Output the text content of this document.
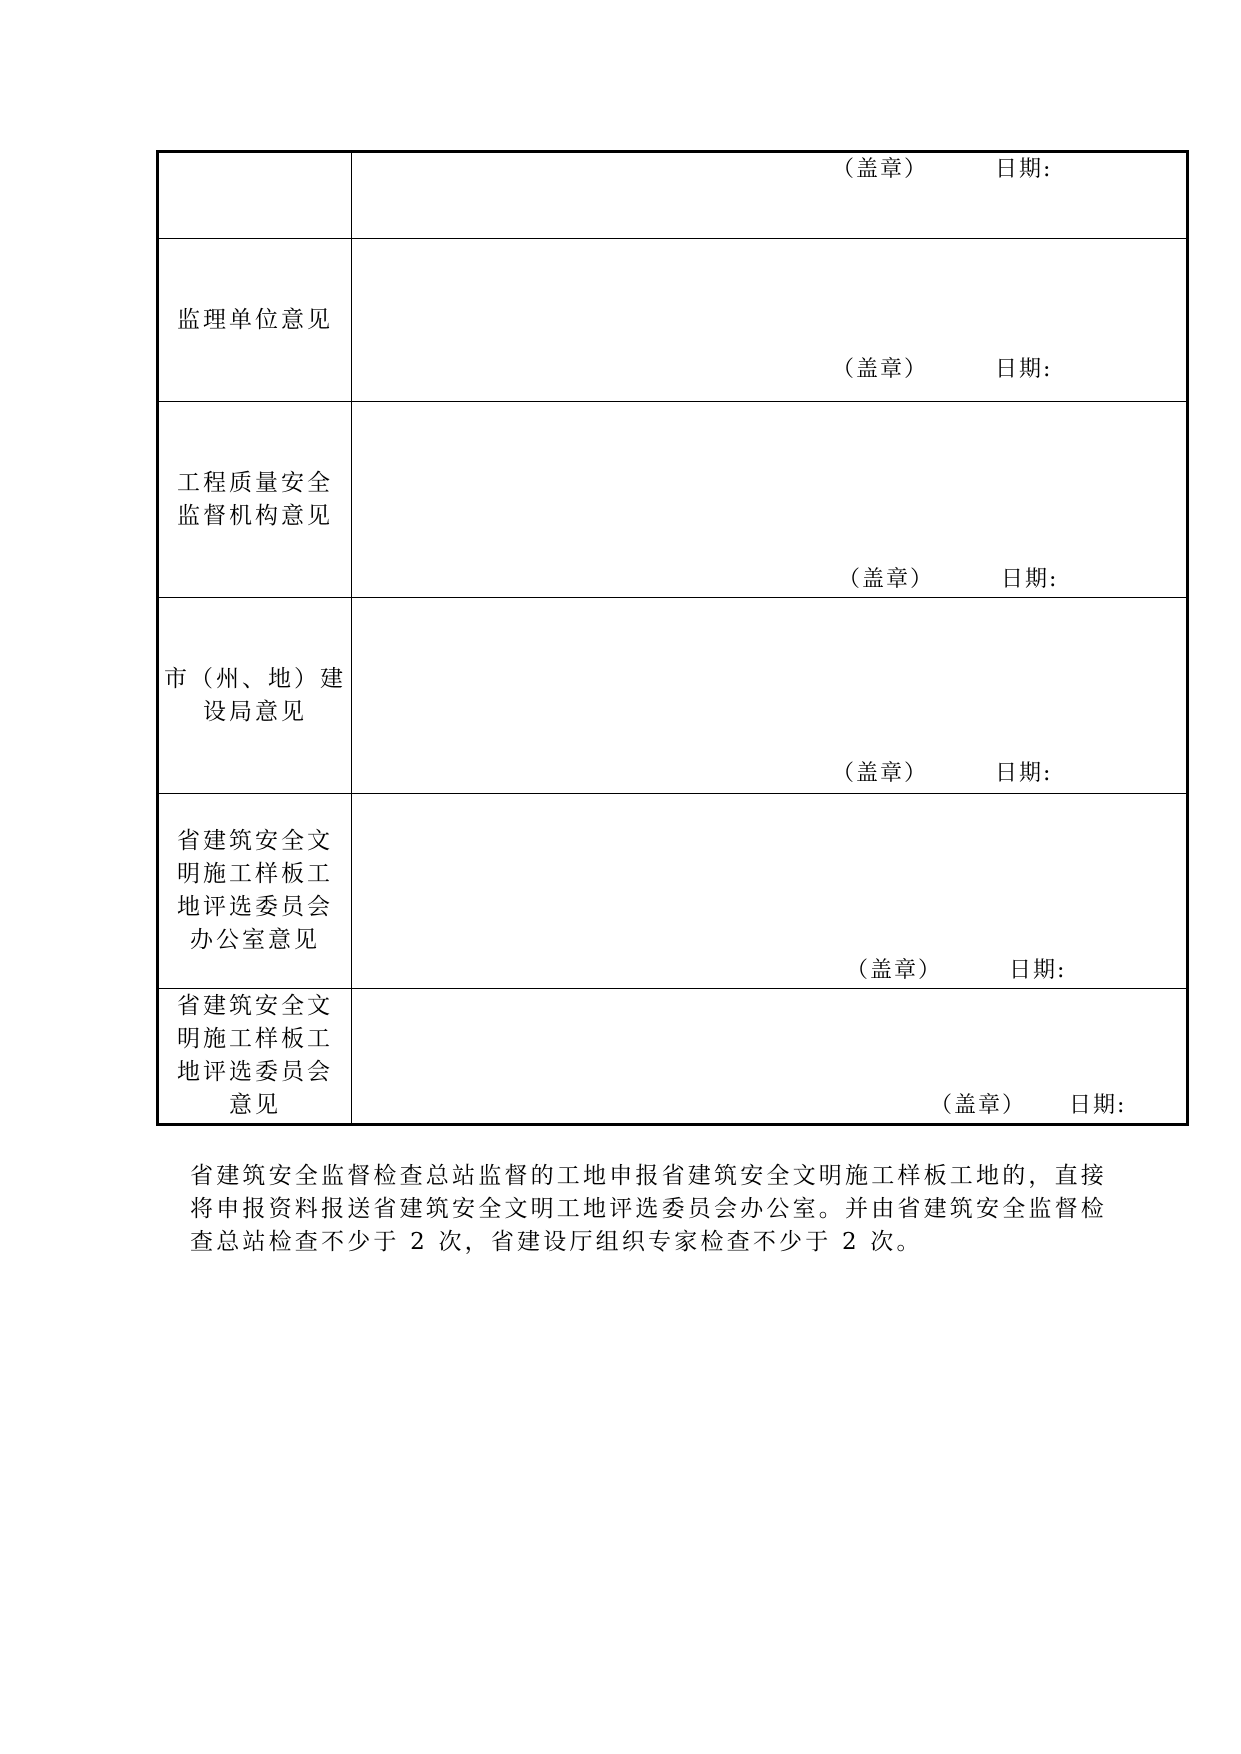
	（盖章） 日期:

监理单位意见	（盖章） 日期:

工程质量安全
监督机构意见	（盖章） 日期:

市（州、地）建
设局意见	（盖章） 日期:

省建筑安全文
明施工样板工
地评选委员会
办公室意见	（盖章） 日期:

省建筑安全文
明施工样板工
地评选委员会
意见	（盖章） 日期:
省建筑安全监督检查总站监督的工地申报省建筑安全文明施工样板工地的，直接
将申报资料报送省建筑安全文明工地评选委员会办公室。并由省建筑安全监督检
查总站检查不少于 2 次，省建设厅组织专家检查不少于 2 次。
